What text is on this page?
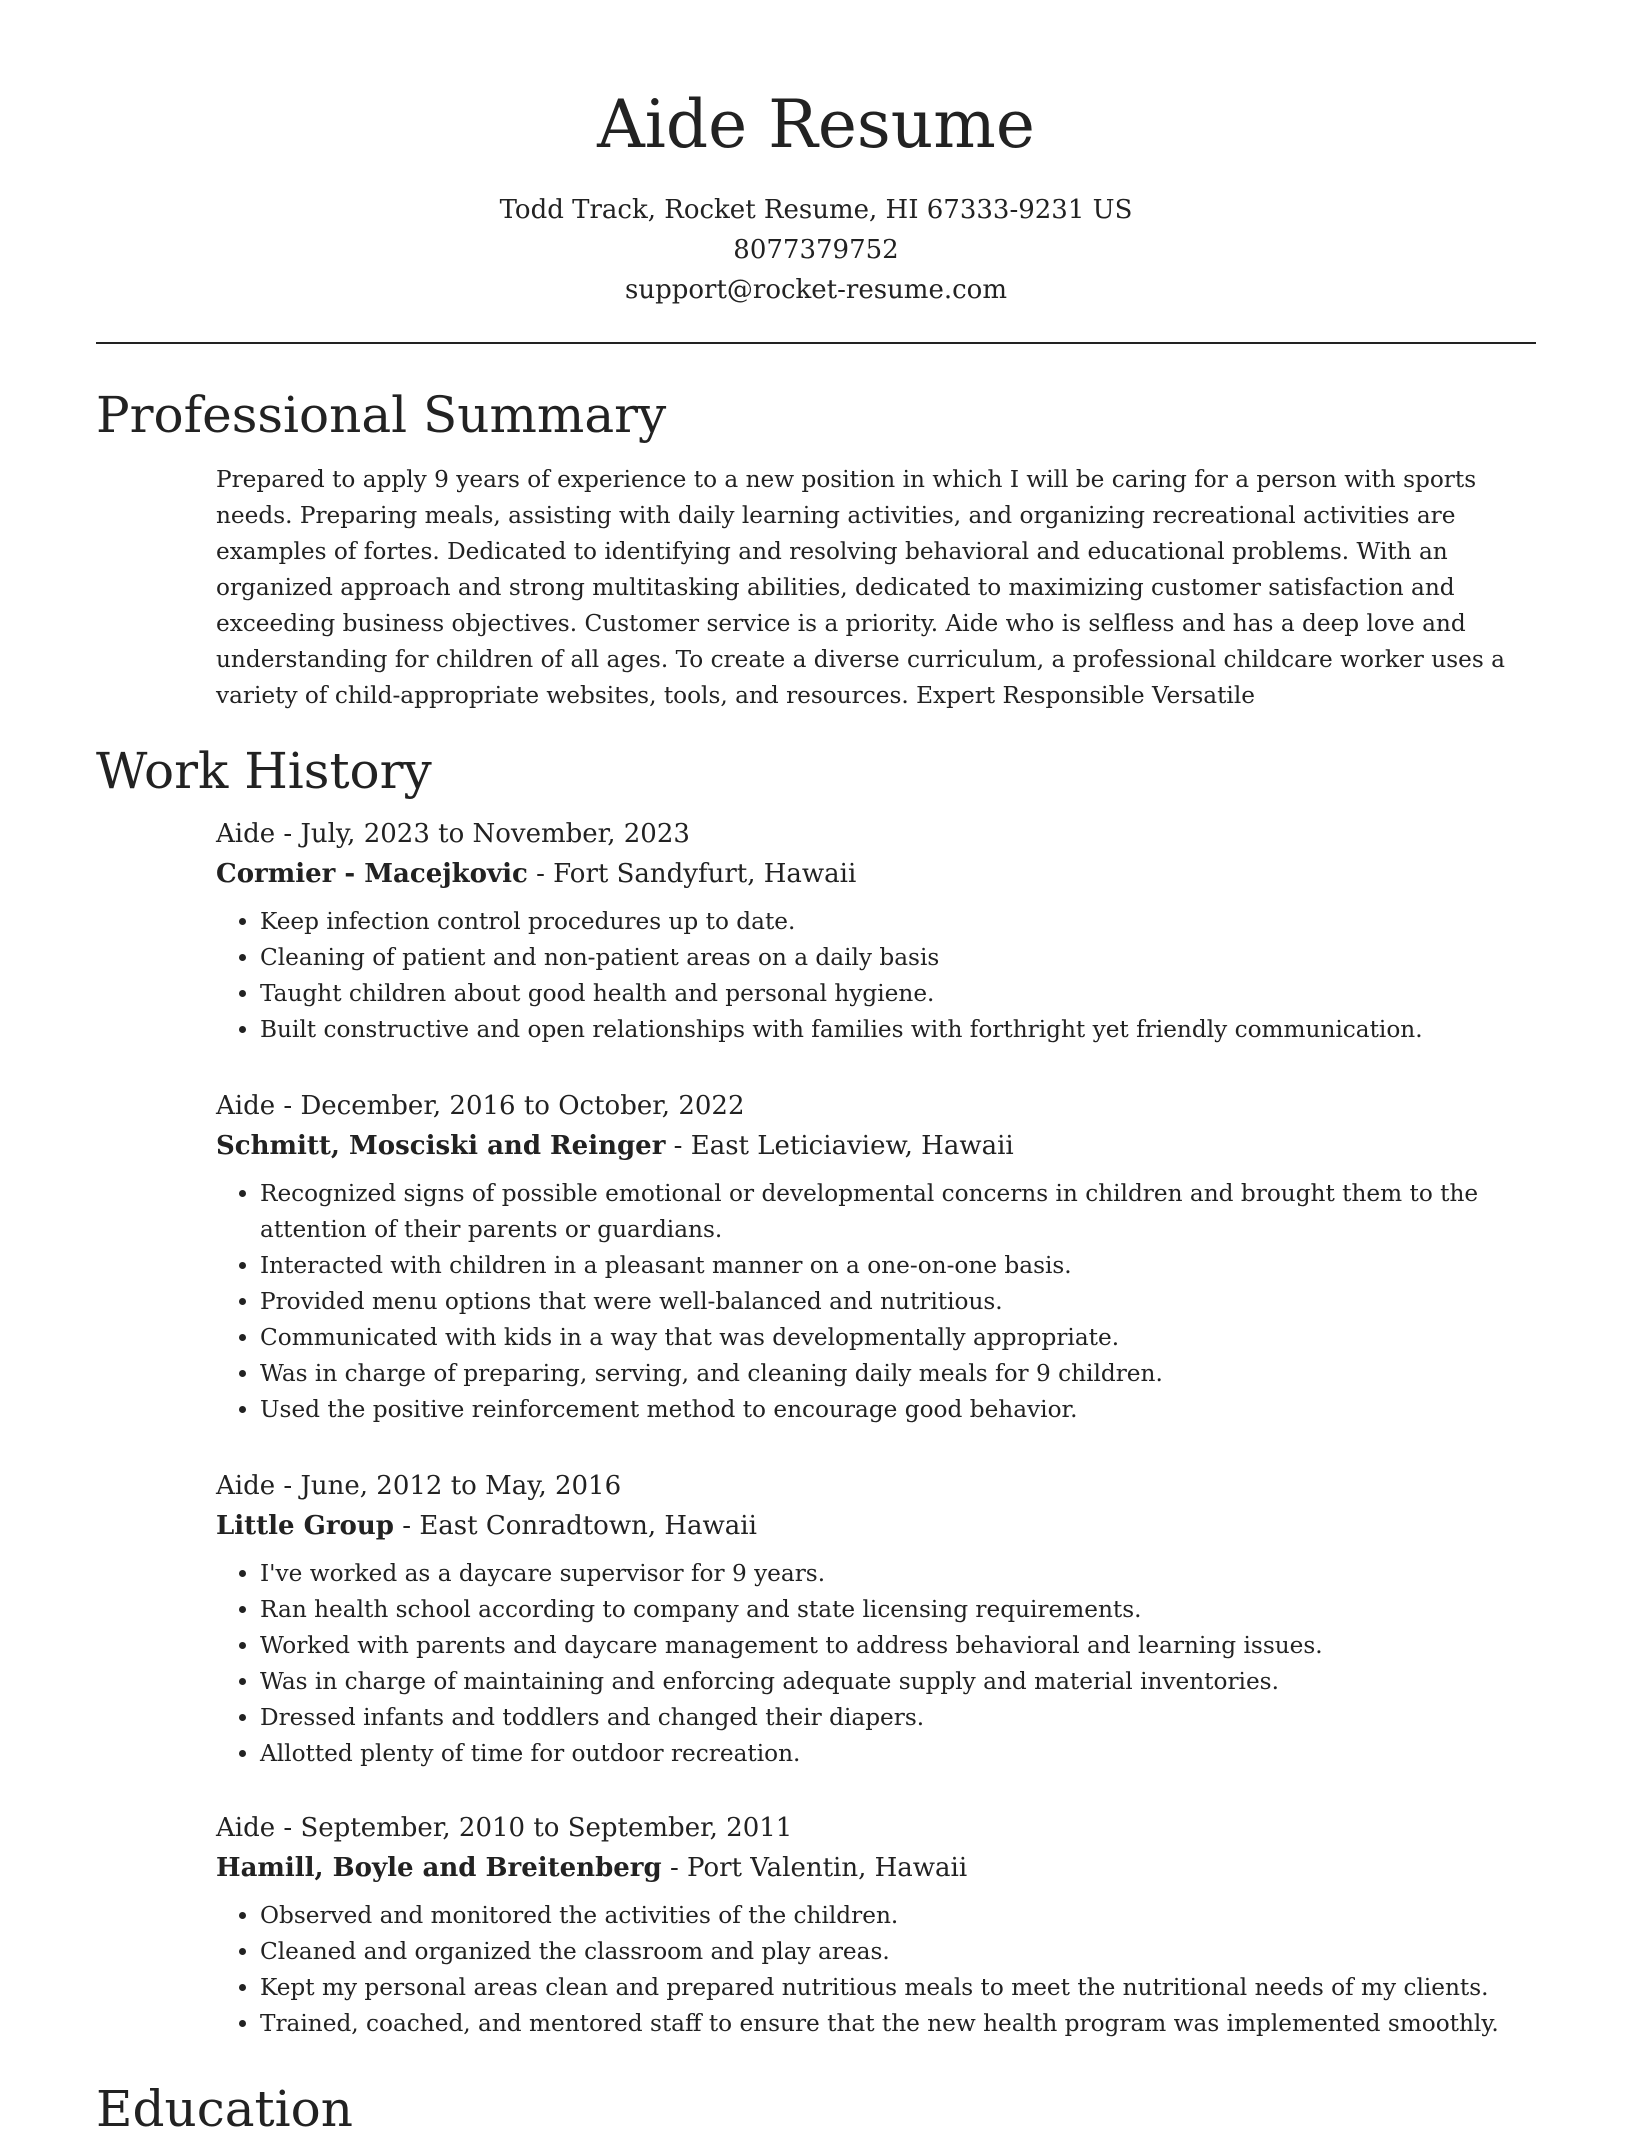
Aide Resume
Todd Track, Rocket Resume, HI 67333-9231 US
8077379752
support@rocket-resume.com
Professional Summary

Prepared to apply 9 years of experience to a new position in which I will be caring for a person with sports needs. Preparing meals, assisting with daily learning activities, and organizing recreational activities are examples of fortes. Dedicated to identifying and resolving behavioral and educational problems. With an organized approach and strong multitasking abilities, dedicated to maximizing customer satisfaction and exceeding business objectives. Customer service is a priority. Aide who is selfless and has a deep love and understanding for children of all ages. To create a diverse curriculum, a professional childcare worker uses a variety of child-appropriate websites, tools, and resources. Expert Responsible Versatile

Work History
Aide - July, 2023 to November, 2023
Cormier - Macejkovic - Fort Sandyfurt, Hawaii
• Keep infection control procedures up to date.
• Cleaning of patient and non-patient areas on a daily basis
• Taught children about good health and personal hygiene.
• Built constructive and open relationships with families with forthright yet friendly communication.
Aide - December, 2016 to October, 2022
Schmitt, Mosciski and Reinger - East Leticiaview, Hawaii
• Recognized signs of possible emotional or developmental concerns in children and brought them to the attention of their parents or guardians.
• Interacted with children in a pleasant manner on a one-on-one basis.
• Provided menu options that were well-balanced and nutritious.
• Communicated with kids in a way that was developmentally appropriate.
• Was in charge of preparing, serving, and cleaning daily meals for 9 children.
• Used the positive reinforcement method to encourage good behavior.
Aide - June, 2012 to May, 2016
Little Group - East Conradtown, Hawaii
• I've worked as a daycare supervisor for 9 years.
• Ran health school according to company and state licensing requirements.
• Worked with parents and daycare management to address behavioral and learning issues.
• Was in charge of maintaining and enforcing adequate supply and material inventories.
• Dressed infants and toddlers and changed their diapers.
• Allotted plenty of time for outdoor recreation.
Aide - September, 2010 to September, 2011
Hamill, Boyle and Breitenberg - Port Valentin, Hawaii
• Observed and monitored the activities of the children.
• Cleaned and organized the classroom and play areas.
• Kept my personal areas clean and prepared nutritious meals to meet the nutritional needs of my clients.
• Trained, coached, and mentored staff to ensure that the new health program was implemented smoothly.
Education
